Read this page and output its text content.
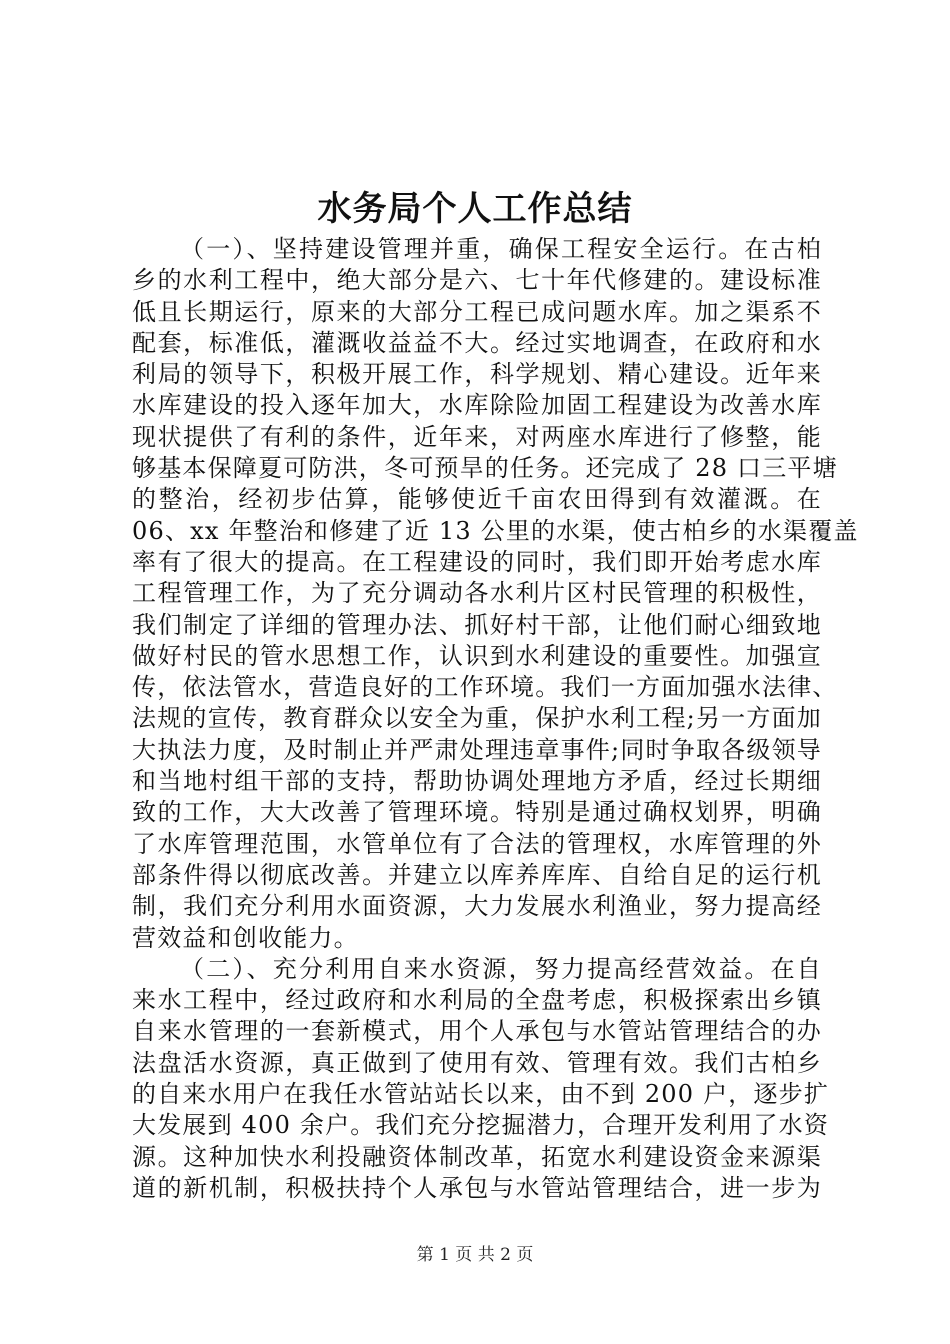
水务局个人工作总结
（一）、坚持建设管理并重，确保工程安全运行。在古柏
乡的水利工程中，绝大部分是六、七十年代修建的。建设标准
低且长期运行，原来的大部分工程已成问题水库。加之渠系不
配套，标准低，灌溉收益益不大。经过实地调查，在政府和水
利局的领导下，积极开展工作，科学规划、精心建设。近年来
水库建设的投入逐年加大，水库除险加固工程建设为改善水库
现状提供了有利的条件，近年来，对两座水库进行了修整，能
够基本保障夏可防洪，冬可预旱的任务。还完成了 28 口三平塘
的整治，经初步估算，能够使近千亩农田得到有效灌溉。在
06、xx 年整治和修建了近 13 公里的水渠，使古柏乡的水渠覆盖
率有了很大的提高。在工程建设的同时，我们即开始考虑水库
工程管理工作，为了充分调动各水利片区村民管理的积极性，
我们制定了详细的管理办法、抓好村干部，让他们耐心细致地
做好村民的管水思想工作，认识到水利建设的重要性。加强宣
传，依法管水，营造良好的工作环境。我们一方面加强水法律、
法规的宣传，教育群众以安全为重，保护水利工程;另一方面加
大执法力度，及时制止并严肃处理违章事件;同时争取各级领导
和当地村组干部的支持，帮助协调处理地方矛盾，经过长期细
致的工作，大大改善了管理环境。特别是通过确权划界，明确
了水库管理范围，水管单位有了合法的管理权，水库管理的外
部条件得以彻底改善。并建立以库养库库、自给自足的运行机
制，我们充分利用水面资源，大力发展水利渔业，努力提高经
营效益和创收能力。
（二）、充分利用自来水资源，努力提高经营效益。在自
来水工程中，经过政府和水利局的全盘考虑，积极探索出乡镇
自来水管理的一套新模式，用个人承包与水管站管理结合的办
法盘活水资源，真正做到了使用有效、管理有效。我们古柏乡
的自来水用户在我任水管站站长以来，由不到 200 户，逐步扩
大发展到 400 余户。我们充分挖掘潜力，合理开发利用了水资
源。这种加快水利投融资体制改革，拓宽水利建设资金来源渠
道的新机制，积极扶持个人承包与水管站管理结合，进一步为
第 1 页 共 2 页
